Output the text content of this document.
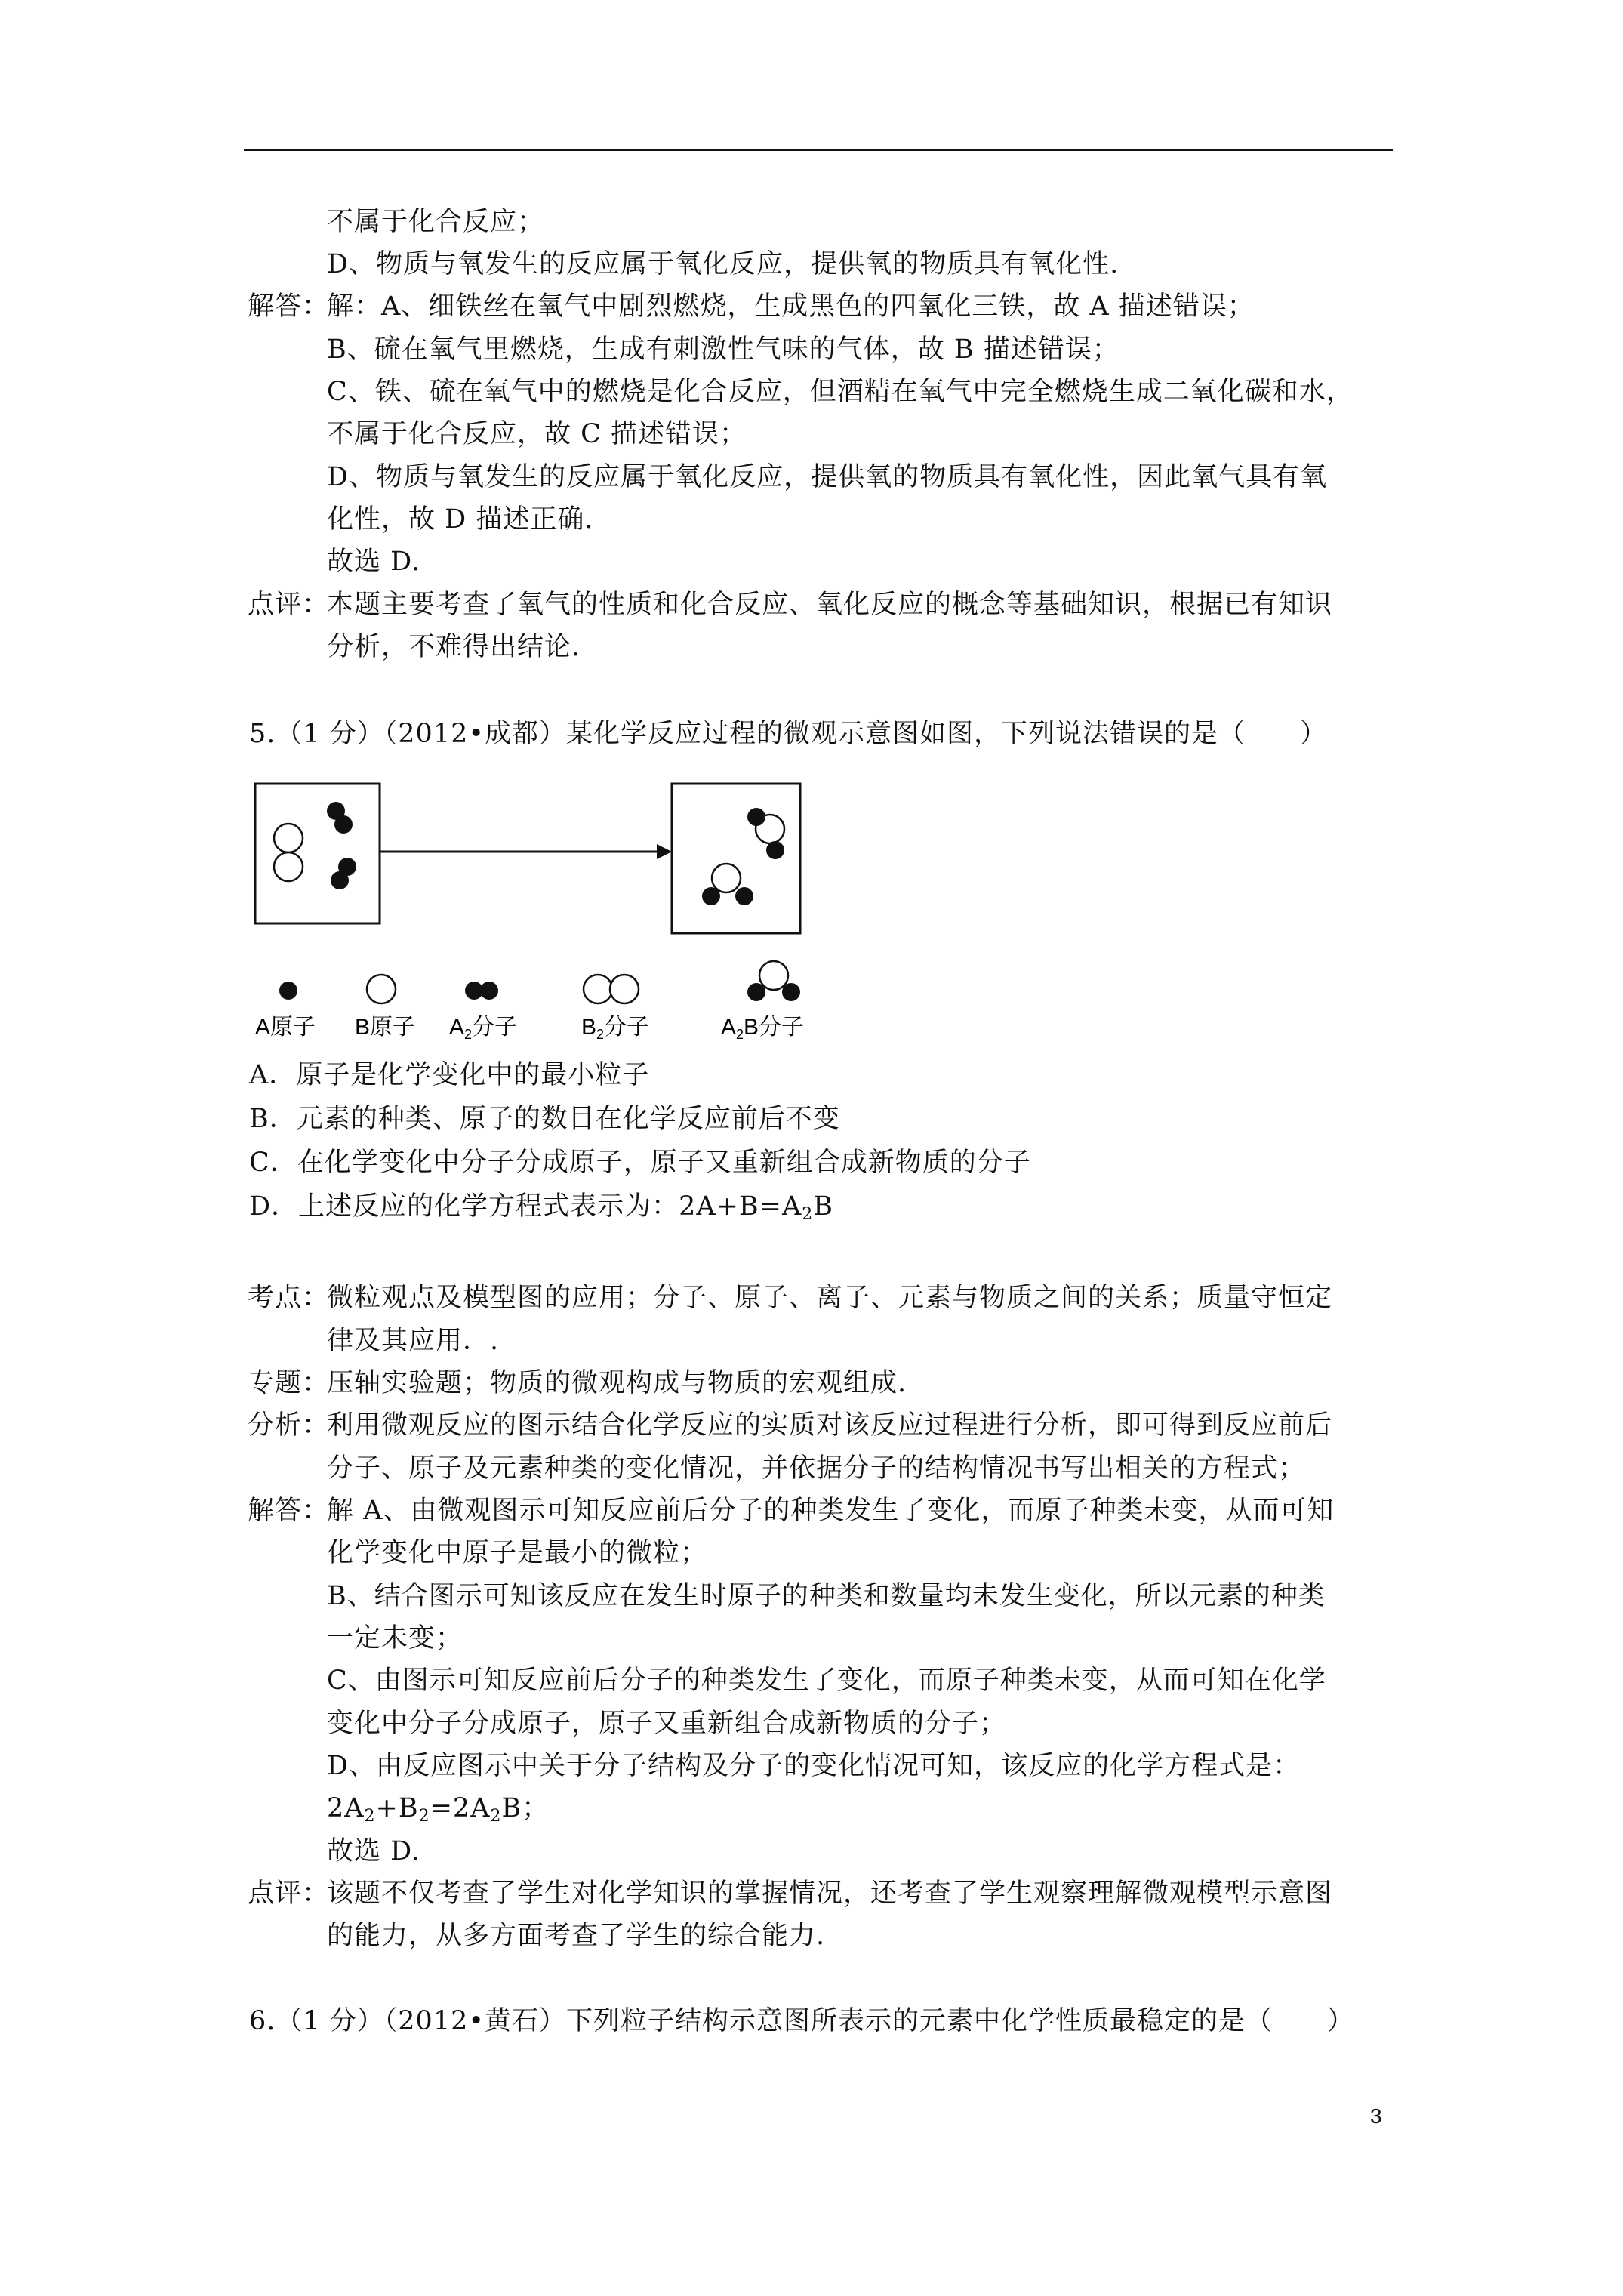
不属于化合反应；
D、物质与氧发生的反应属于氧化反应，提供氧的物质具有氧化性.
解答：
解：A、细铁丝在氧气中剧烈燃烧，生成黑色的四氧化三铁，故 A 描述错误；
B、硫在氧气里燃烧，生成有刺激性气味的气体，故 B 描述错误；
C、铁、硫在氧气中的燃烧是化合反应，但酒精在氧气中完全燃烧生成二氧化碳和水，
不属于化合反应，故 C 描述错误；
D、物质与氧发生的反应属于氧化反应，提供氧的物质具有氧化性，因此氧气具有氧
化性，故 D 描述正确.
故选 D.
点评：
本题主要考查了氧气的性质和化合反应、氧化反应的概念等基础知识，根据已有知识
分析，不难得出结论.
5.（1 分）（2012•成都）某化学反应过程的微观示意图如图，下列说法错误的是（　　）
A原子 B原子 $A_2$分子	$B_2$分子	$A_2B$分子
A．原子是化学变化中的最小粒子
B．元素的种类、原子的数目在化学反应前后不变
C．在化学变化中分子分成原子，原子又重新组合成新物质的分子
D．上述反应的化学方程式表示为：$2A+B=A_2B$
考点：
微粒观点及模型图的应用；分子、原子、离子、元素与物质之间的关系；质量守恒定
律及其应用．.
专题：
压轴实验题；物质的微观构成与物质的宏观组成.
分析：
利用微观反应的图示结合化学反应的实质对该反应过程进行分析，即可得到反应前后
分子、原子及元素种类的变化情况，并依据分子的结构情况书写出相关的方程式；
解答：
解 A、由微观图示可知反应前后分子的种类发生了变化，而原子种类未变，从而可知
化学变化中原子是最小的微粒；
B、结合图示可知该反应在发生时原子的种类和数量均未发生变化，所以元素的种类
一定未变；
C、由图示可知反应前后分子的种类发生了变化，而原子种类未变，从而可知在化学
变化中分子分成原子，原子又重新组合成新物质的分子；
D、由反应图示中关于分子结构及分子的变化情况可知，该反应的化学方程式是：
$2A_2+B_2=2A_2B$；
故选 D.
点评：
该题不仅考查了学生对化学知识的掌握情况，还考查了学生观察理解微观模型示意图
的能力，从多方面考查了学生的综合能力.
6.（1 分）（2012•黄石）下列粒子结构示意图所表示的元素中化学性质最稳定的是（　　）
3
